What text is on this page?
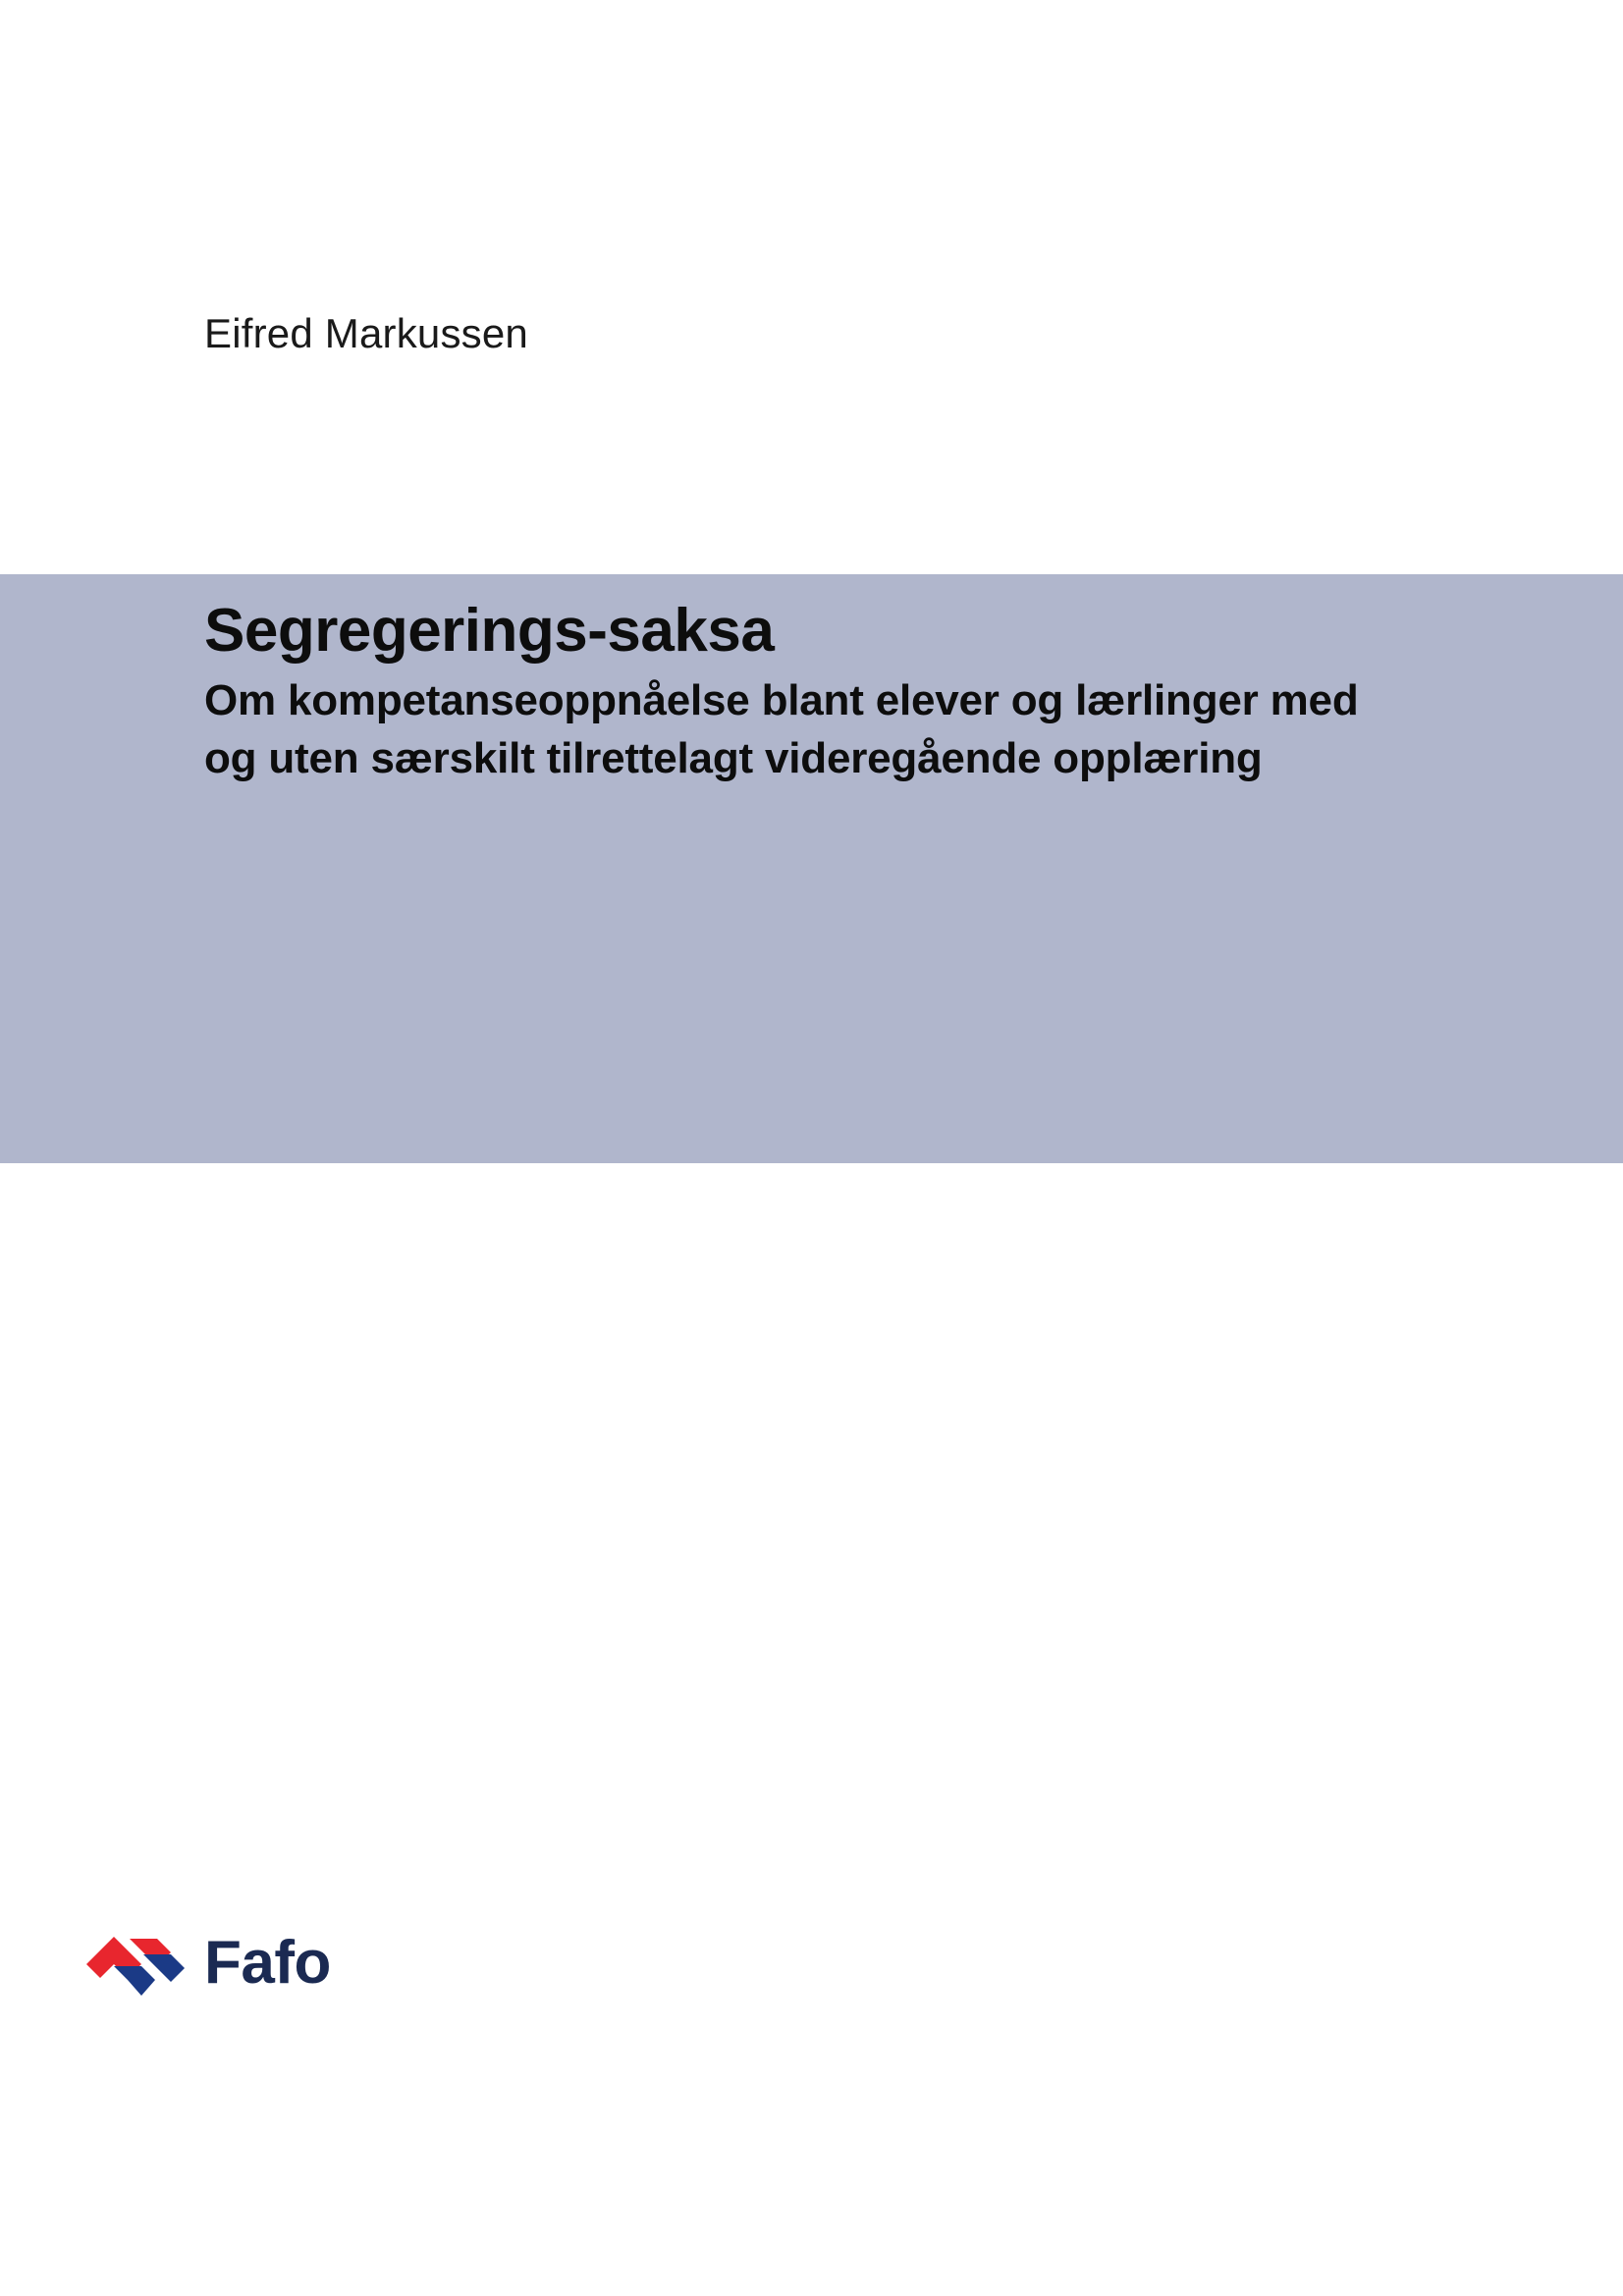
Eifred Markussen
Segregerings-saksa

Om kompetanseoppnåelse blant elever og lærlinger med og uten særskilt tilrettelagt videregående opplæring

Fafo
